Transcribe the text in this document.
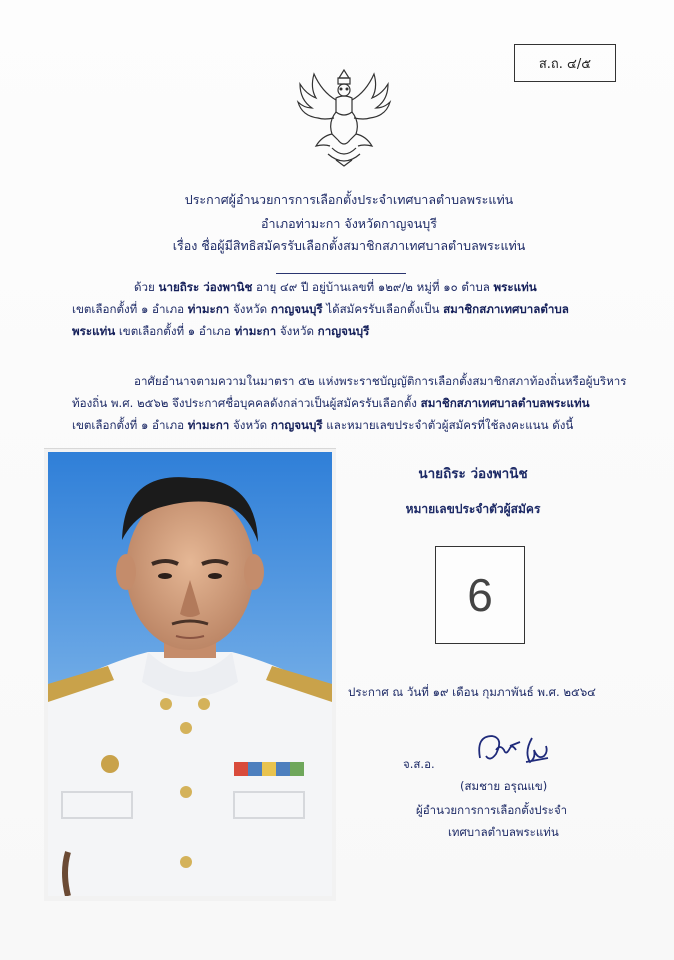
ส.ถ. ๔/๕
ประกาศผู้อำนวยการการเลือกตั้งประจำเทศบาลตำบลพระแท่น
อำเภอท่ามะกา จังหวัดกาญจนบุรี
เรื่อง ชื่อผู้มีสิทธิสมัครรับเลือกตั้งสมาชิกสภาเทศบาลตำบลพระแท่น
ด้วย นายถิระ ว่องพานิช อายุ ๔๙ ปี อยู่บ้านเลขที่ ๑๒๙/๒ หมู่ที่ ๑๐ ตำบล พระแท่น
เขตเลือกตั้งที่ ๑ อำเภอ ท่ามะกา จังหวัด กาญจนบุรี ได้สมัครรับเลือกตั้งเป็น สมาชิกสภาเทศบาลตำบล
พระแท่น เขตเลือกตั้งที่ ๑ อำเภอ ท่ามะกา จังหวัด กาญจนบุรี
อาศัยอำนาจตามความในมาตรา ๕๒ แห่งพระราชบัญญัติการเลือกตั้งสมาชิกสภาท้องถิ่นหรือผู้บริหาร
ท้องถิ่น พ.ศ. ๒๕๖๒ จึงประกาศชื่อบุคคลดังกล่าวเป็นผู้สมัครรับเลือกตั้ง สมาชิกสภาเทศบาลตำบลพระแท่น
เขตเลือกตั้งที่ ๑ อำเภอ ท่ามะกา จังหวัด กาญจนบุรี และหมายเลขประจำตัวผู้สมัครที่ใช้ลงคะแนน ดังนี้
นายถิระ ว่องพานิช
หมายเลขประจำตัวผู้สมัคร
6
ประกาศ ณ วันที่ ๑๙ เดือน กุมภาพันธ์ พ.ศ. ๒๕๖๔
จ.ส.อ.
(สมชาย อรุณแข)
ผู้อำนวยการการเลือกตั้งประจำ
เทศบาลตำบลพระแท่น
